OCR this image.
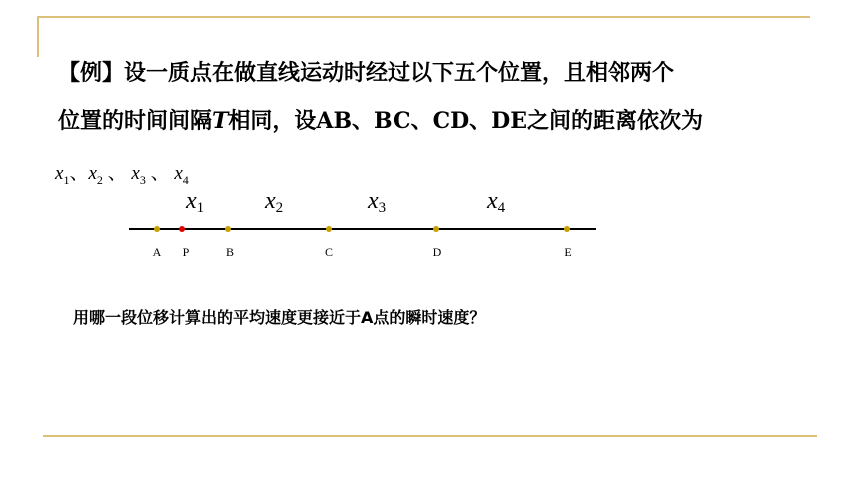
【例】设一质点在做直线运动时经过以下五个位置，且相邻两个
位置的时间间隔T相同，设AB、BC、CD、DE之间的距离依次为
$x_1$、$x_2$ 、 $x_3$ 、 $x_4$
x1	x2	x3	x4
A P	B	C	D	E
用哪一段位移计算出的平均速度更接近于A点的瞬时速度？
